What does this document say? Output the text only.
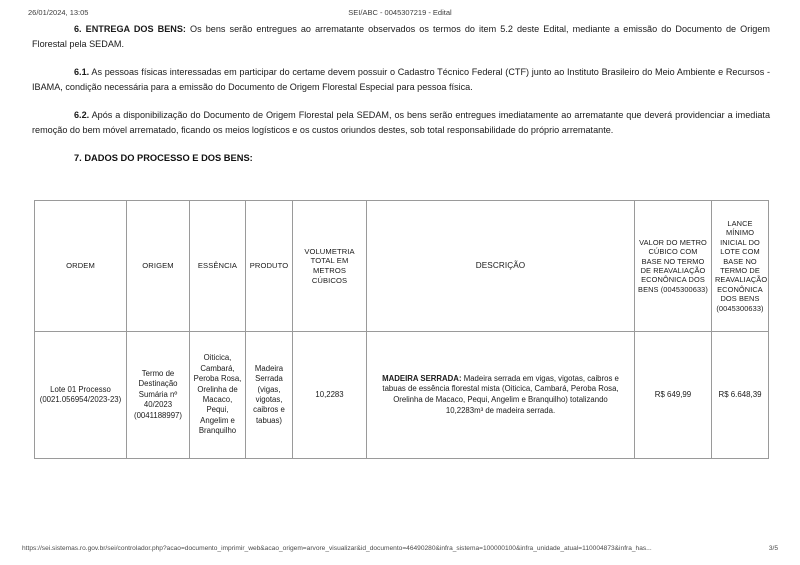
26/01/2024, 13:05	SEI/ABC - 0045307219 - Edital

6. ENTREGA DOS BENS: Os bens serão entregues ao arrematante observados os termos do item 5.2 deste Edital, mediante a emissão do Documento de Origem Florestal pela SEDAM.

6.1. As pessoas físicas interessadas em participar do certame devem possuir o Cadastro Técnico Federal (CTF) junto ao Instituto Brasileiro do Meio Ambiente e Recursos - IBAMA, condição necessária para a emissão do Documento de Origem Florestal Especial para pessoa física.

6.2. Após a disponibilização do Documento de Origem Florestal pela SEDAM, os bens serão entregues imediatamente ao arrematante que deverá providenciar a imediata remoção do bem móvel arrematado, ficando os meios logísticos e os custos oriundos destes, sob total responsabilidade do próprio arrematante.

7. DADOS DO PROCESSO E DOS BENS:

ORDEM	ORIGEM	ESSÊNCIA	PRODUTO	VOLUMETRIA TOTAL EM METROS CÚBICOS	DESCRIÇÃO	VALOR DO METRO CÚBICO COM BASE NO TERMO DE REAVALIAÇÃO ECONÔNICA DOS BENS (0045300633)	LANCE MÍNIMO INICIAL DO LOTE COM BASE NO TERMO DE REAVALIAÇÃO ECONÔNICA DOS BENS (0045300633)
Lote 01 Processo (0021.056954/2023-23)	Termo de Destinação Sumária nº 40/2023 (0041188997)	Oiticica, Cambará, Peroba Rosa, Orelinha de Macaco, Pequi, Angelim e Branquilho	Madeira Serrada (vigas, vigotas, caibros e tabuas)	10,2283	MADEIRA SERRADA: Madeira serrada em vigas, vigotas, caibros e tabuas de essência florestal mista (Oiticica, Cambará, Peroba Rosa, Orelinha de Macaco, Pequi, Angelim e Branquilho) totalizando 10,2283m³ de madeira serrada.	R$ 649,99	R$ 6.648,39
https://sei.sistemas.ro.gov.br/sei/controlador.php?acao=documento_imprimir_web&acao_origem=arvore_visualizar&id_documento=46490280&infra_sistema=100000100&infra_unidade_atual=110004873&infra_has...	3/5
